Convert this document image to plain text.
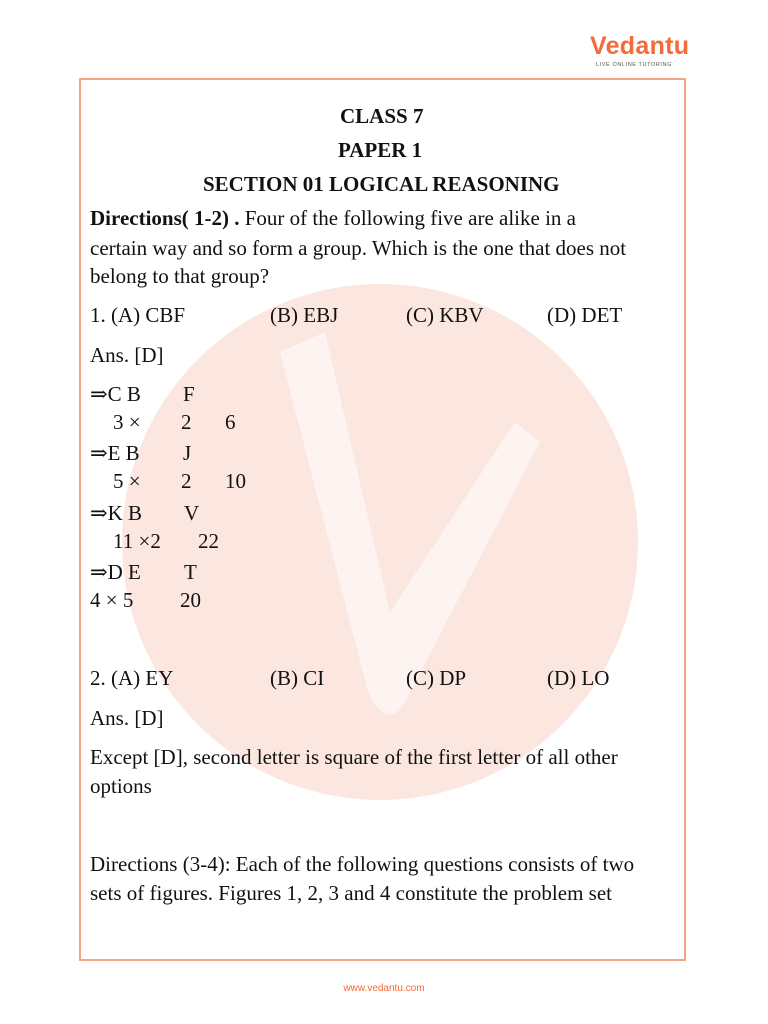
Vedantu
LIVE ONLINE TUTORING
CLASS 7
PAPER 1
SECTION 01 LOGICAL REASONING
Directions( 1-2) . Four of the following five are alike in a
certain way and so form a group. Which is the one that does not
belong to that group?
1. (A) CBF	(B) EBJ	(C) KBV	(D) DET
Ans. [D]
⇒C B F
3 × 2 6
⇒E B J
5 × 2 10
⇒K B V
11 ×2 22
⇒D E T
4 × 5 20
2. (A) EY	(B) CI	(C) DP	(D) LO
Ans. [D]
Except [D], second letter is square of the first letter of all other
options
Directions (3-4): Each of the following questions consists of two
sets of figures. Figures 1, 2, 3 and 4 constitute the problem set
www.vedantu.com
